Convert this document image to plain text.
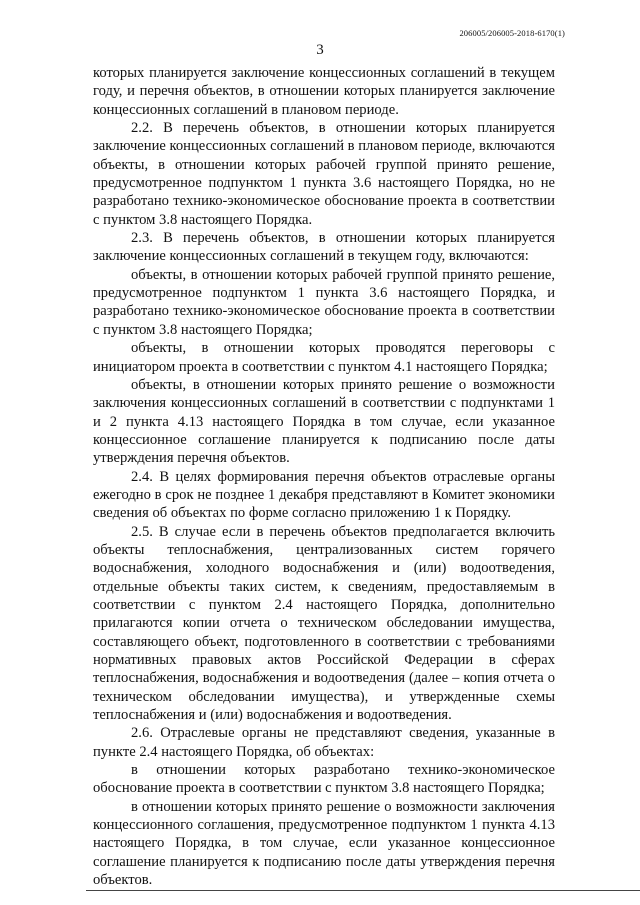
206005/206005-2018-6170(1)
3

которых планируется заключение концессионных соглашений в текущем году, и перечня объектов, в отношении которых планируется заключение концессионных соглашений в плановом периоде.

2.2. В перечень объектов, в отношении которых планируется заключение концессионных соглашений в плановом периоде, включаются объекты, в отношении которых рабочей группой принято решение, предусмотренное подпунктом 1 пункта 3.6 настоящего Порядка, но не разработано технико-экономическое обоснование проекта в соответствии с пунктом 3.8 настоящего Порядка.

2.3. В перечень объектов, в отношении которых планируется заключение концессионных соглашений в текущем году, включаются:

объекты, в отношении которых рабочей группой принято решение, предусмотренное подпунктом 1 пункта 3.6 настоящего Порядка, и разработано технико-экономическое обоснование проекта в соответствии с пунктом 3.8 настоящего Порядка;

объекты, в отношении которых проводятся переговоры с инициатором проекта в соответствии с пунктом 4.1 настоящего Порядка;

объекты, в отношении которых принято решение о возможности заключения концессионных соглашений в соответствии с подпунктами 1 и 2 пункта 4.13 настоящего Порядка в том случае, если указанное концессионное соглашение планируется к подписанию после даты утверждения перечня объектов.

2.4. В целях формирования перечня объектов отраслевые органы ежегодно в срок не позднее 1 декабря представляют в Комитет экономики сведения об объектах по форме согласно приложению 1 к Порядку.

2.5. В случае если в перечень объектов предполагается включить объекты теплоснабжения, централизованных систем горячего водоснабжения, холодного водоснабжения и (или) водоотведения, отдельные объекты таких систем, к сведениям, предоставляемым в соответствии с пунктом 2.4 настоящего Порядка, дополнительно прилагаются копии отчета о техническом обследовании имущества, составляющего объект, подготовленного в соответствии с требованиями нормативных правовых актов Российской Федерации в сферах теплоснабжения, водоснабжения и водоотведения (далее – копия отчета о техническом обследовании имущества), и утвержденные схемы теплоснабжения и (или) водоснабжения и водоотведения.

2.6. Отраслевые органы не представляют сведения, указанные в пункте 2.4 настоящего Порядка, об объектах:

в отношении которых разработано технико-экономическое обоснование проекта в соответствии с пунктом 3.8 настоящего Порядка;

в отношении которых принято решение о возможности заключения концессионного соглашения, предусмотренное подпунктом 1 пункта 4.13 настоящего Порядка, в том случае, если указанное концессионное соглашение планируется к подписанию после даты утверждения перечня объектов.
